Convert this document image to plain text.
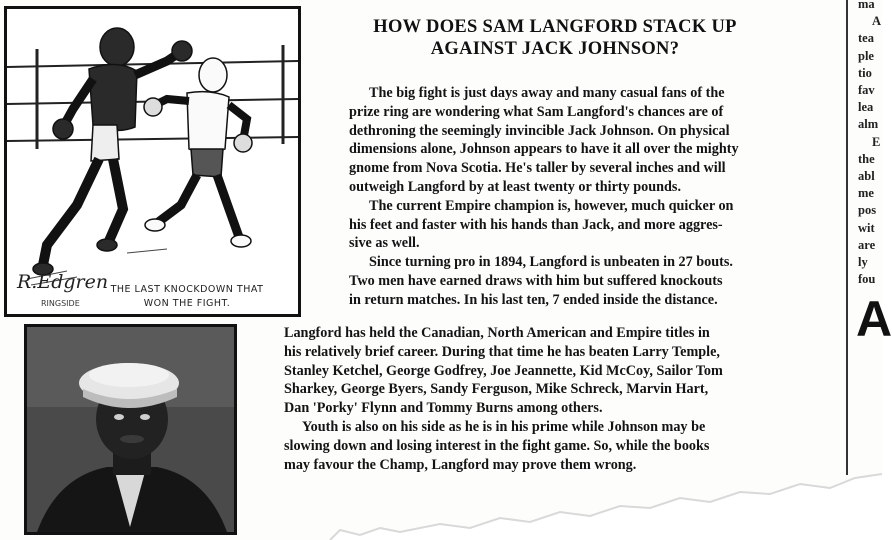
R.Edgren
RINGSIDE
THE LAST KNOCKDOWN THAT
WON THE FIGHT.
HOW DOES SAM LANGFORD STACK UP
AGAINST JACK JOHNSON?
The big fight is just days away and many casual fans of the
prize ring are wondering what Sam Langford's chances are of
dethroning the seemingly invincible Jack Johnson. On physical
dimensions alone, Johnson appears to have it all over the mighty
gnome from Nova Scotia. He's taller by several inches and will
outweigh Langford by at least twenty or thirty pounds.
The current Empire champion is, however, much quicker on
his feet and faster with his hands than Jack, and more aggres-
sive as well.
Since turning pro in 1894, Langford is unbeaten in 27 bouts.
Two men have earned draws with him but suffered knockouts
in return matches. In his last ten, 7 ended inside the distance.
Langford has held the Canadian, North American and Empire titles in
his relatively brief career. During that time he has beaten Larry Temple,
Stanley Ketchel, George Godfrey, Joe Jeannette, Kid McCoy, Sailor Tom
Sharkey, George Byers, Sandy Ferguson, Mike Schreck, Marvin Hart,
Dan 'Porky' Flynn and Tommy Burns among others.
Youth is also on his side as he is in his prime while Johnson may be
slowing down and losing interest in the fight game. So, while the books
may favour the Champ, Langford may prove them wrong.
ma
A
tea
ple
tio
fav
lea
alm
E
the
abl
me
pos
wit
are
ly
fou
A
